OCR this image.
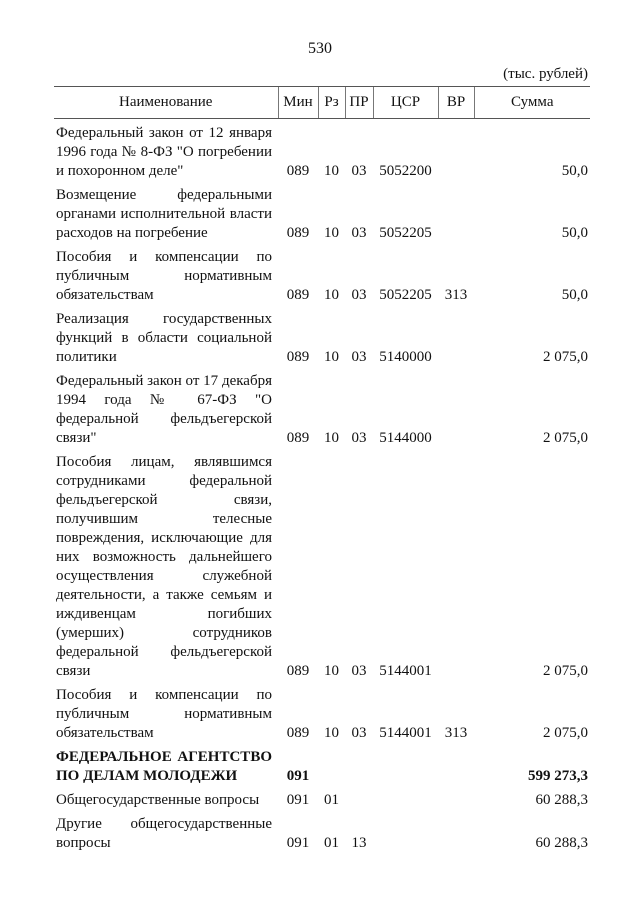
530
(тыс. рублей)
Наименование	Мин	Рз	ПР	ЦСР	ВР	Сумма
Федеральный закон от 12 января 1996 года № 8-ФЗ "О погребении и похоронном деле"	089	10	03	5052200		50,0
Возмещение федеральными органами исполнительной власти расходов на погребение	089	10	03	5052205		50,0
Пособия и компенсации по публичным нормативным обязательствам	089	10	03	5052205	313	50,0
Реализация государственных функций в области социальной политики	089	10	03	5140000		2 075,0
Федеральный закон от 17 декабря 1994 года № 67-ФЗ "О федеральной фельдъегерской связи"	089	10	03	5144000		2 075,0
Пособия лицам, являвшимся сотрудниками федеральной фельдъегерской связи, получившим телесные повреждения, исключающие для них возможность дальнейшего осуществления служебной деятельности, а также семьям и иждивенцам погибших (умерших) сотрудников федеральной фельдъегерской связи	089	10	03	5144001		2 075,0
Пособия и компенсации по публичным нормативным обязательствам	089	10	03	5144001	313	2 075,0
ФЕДЕРАЛЬНОЕ АГЕНТСТВО ПО ДЕЛАМ МОЛОДЕЖИ	091					599 273,3
Общегосударственные вопросы	091	01				60 288,3
Другие общегосударственные вопросы	091	01	13			60 288,3
